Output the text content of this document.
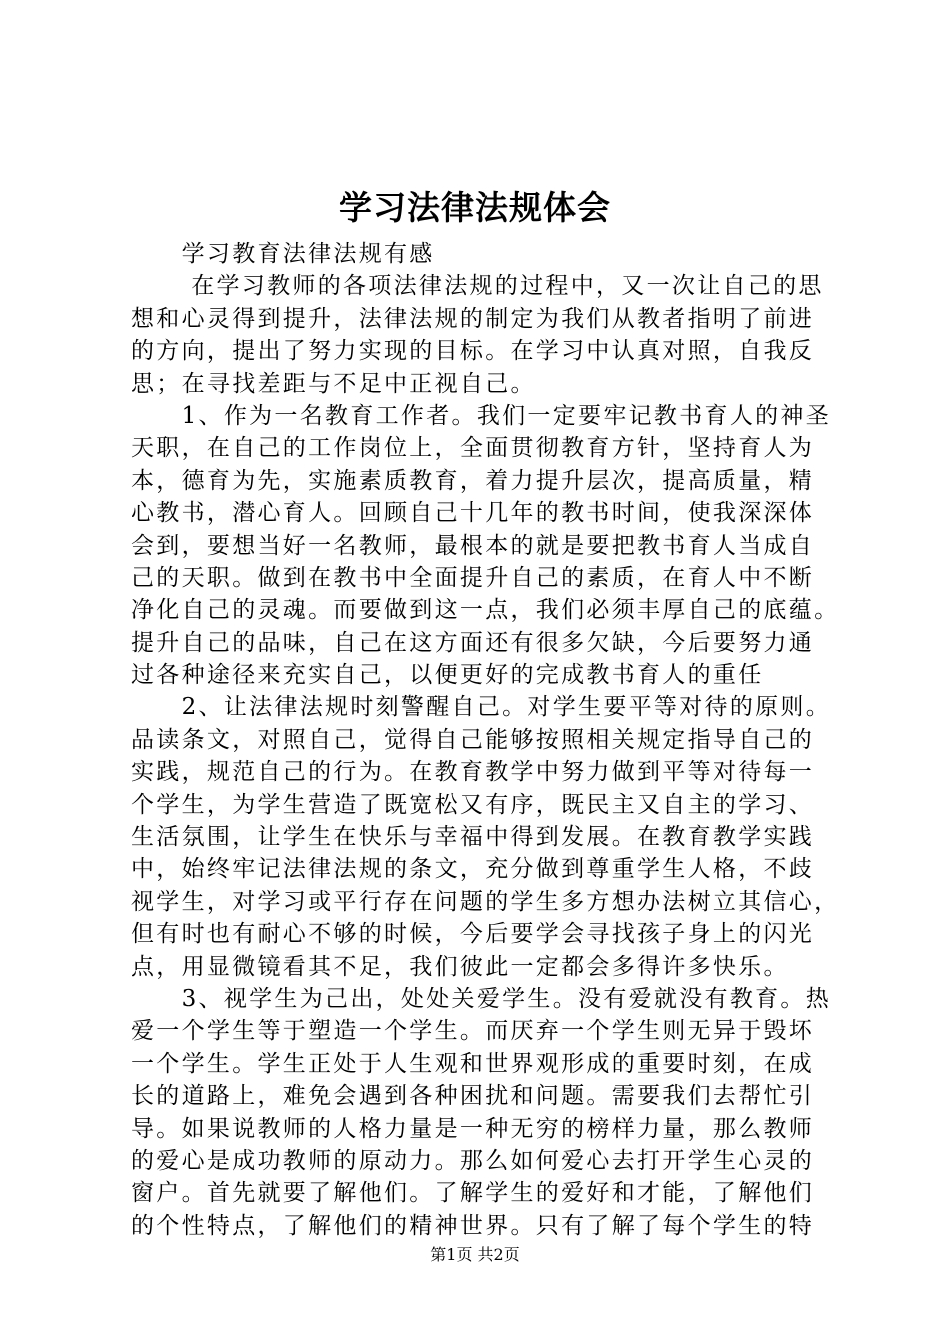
学习法律法规体会
　　学习教育法律法规有感
　　 在学习教师的各项法律法规的过程中，又一次让自己的思
想和心灵得到提升，法律法规的制定为我们从教者指明了前进
的方向，提出了努力实现的目标。在学习中认真对照，自我反
思；在寻找差距与不足中正视自己。
　　1、作为一名教育工作者。我们一定要牢记教书育人的神圣
天职，在自己的工作岗位上，全面贯彻教育方针，坚持育人为
本，德育为先，实施素质教育，着力提升层次，提高质量，精
心教书，潜心育人。回顾自己十几年的教书时间，使我深深体
会到，要想当好一名教师，最根本的就是要把教书育人当成自
己的天职。做到在教书中全面提升自己的素质，在育人中不断
净化自己的灵魂。而要做到这一点，我们必须丰厚自己的底蕴。
提升自己的品味，自己在这方面还有很多欠缺，今后要努力通
过各种途径来充实自己，以便更好的完成教书育人的重任
　　2、让法律法规时刻警醒自己。对学生要平等对待的原则。
品读条文，对照自己，觉得自己能够按照相关规定指导自己的
实践，规范自己的行为。在教育教学中努力做到平等对待每一
个学生，为学生营造了既宽松又有序，既民主又自主的学习、
生活氛围，让学生在快乐与幸福中得到发展。在教育教学实践
中，始终牢记法律法规的条文，充分做到尊重学生人格，不歧
视学生，对学习或平行存在问题的学生多方想办法树立其信心，
但有时也有耐心不够的时候，今后要学会寻找孩子身上的闪光
点，用显微镜看其不足，我们彼此一定都会多得许多快乐。
　　3、视学生为己出，处处关爱学生。没有爱就没有教育。热
爱一个学生等于塑造一个学生。而厌弃一个学生则无异于毁坏
一个学生。学生正处于人生观和世界观形成的重要时刻，在成
长的道路上，难免会遇到各种困扰和问题。需要我们去帮忙引
导。如果说教师的人格力量是一种无穷的榜样力量，那么教师
的爱心是成功教师的原动力。那么如何爱心去打开学生心灵的
窗户。首先就要了解他们。了解学生的爱好和才能，了解他们
的个性特点，了解他们的精神世界。只有了解了每个学生的特
第1页 共2页
